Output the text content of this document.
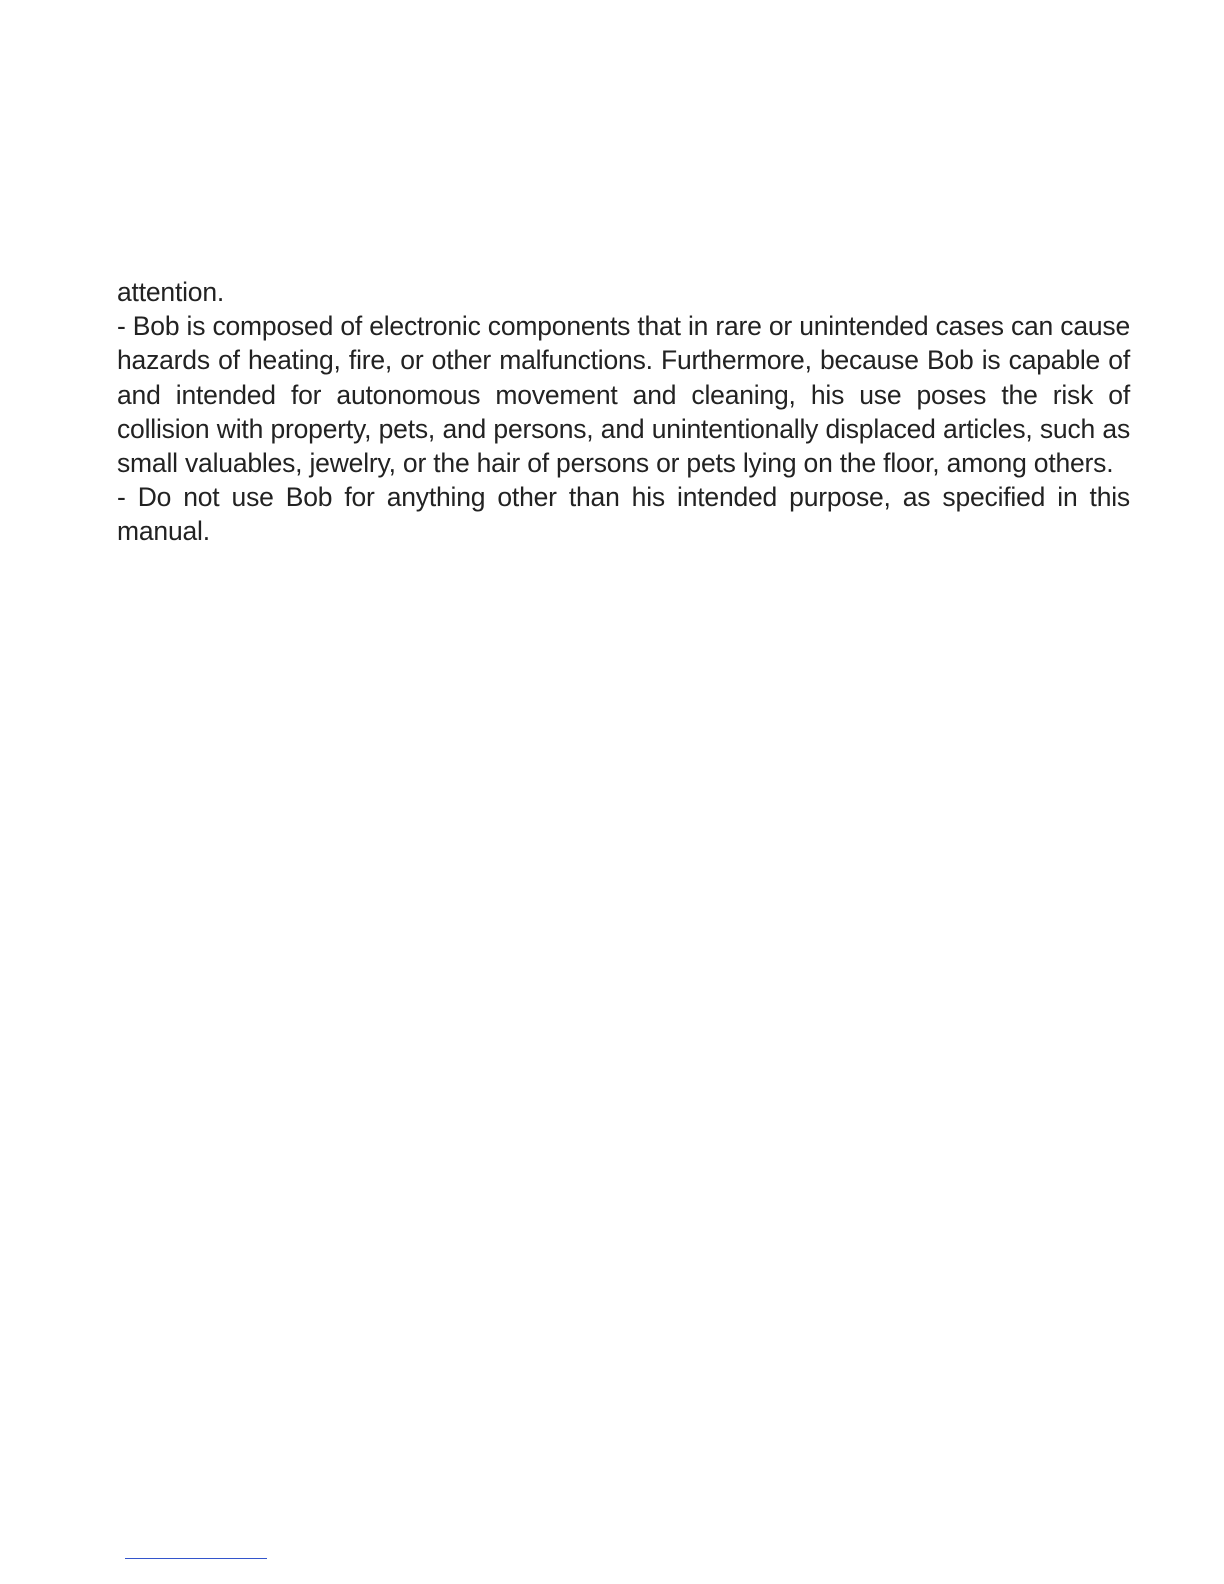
attention.

- Bob is composed of electronic components that in rare or unintended cases can cause hazards of heating, fire, or other malfunctions. Furthermore, because Bob is capable of and intended for autonomous movement and cleaning, his use poses the risk of collision with property, pets, and persons, and unintentionally displaced articles, such as small valuables, jewelry, or the hair of persons or pets lying on the floor, among others.

- Do not use Bob for anything other than his intended purpose, as specified in this manual.
